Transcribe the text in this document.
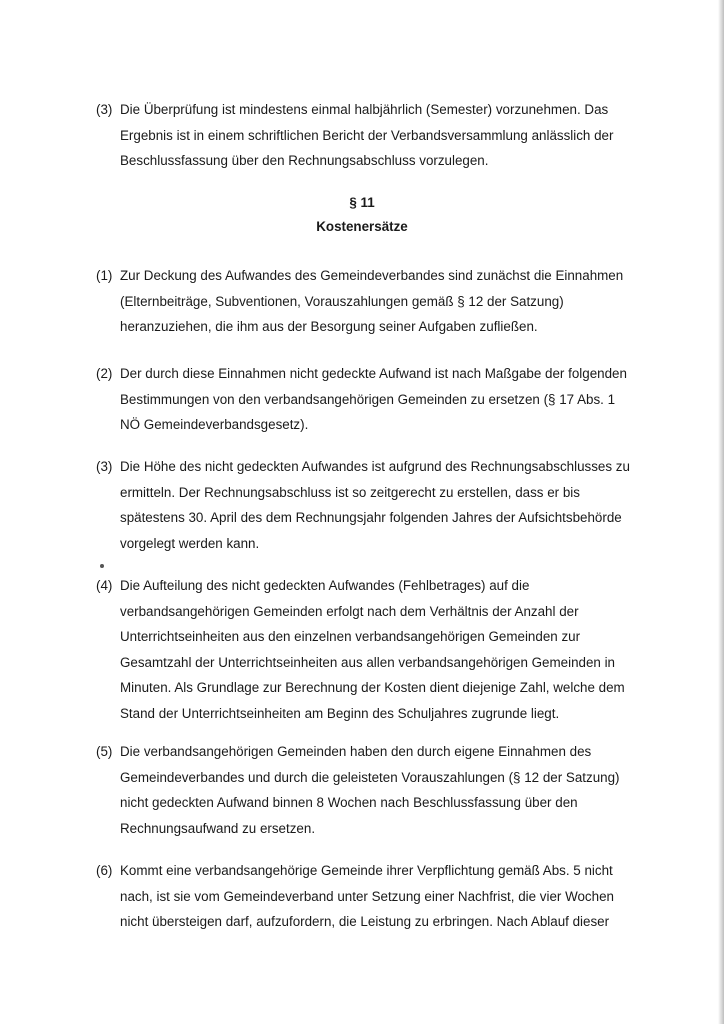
(3) Die Überprüfung ist mindestens einmal halbjährlich (Semester) vorzunehmen. Das
Ergebnis ist in einem schriftlichen Bericht der Verbandsversammlung anlässlich der
Beschlussfassung über den Rechnungsabschluss vorzulegen.
§ 11
Kostenersätze
(1) Zur Deckung des Aufwandes des Gemeindeverbandes sind zunächst die Einnahmen
(Elternbeiträge, Subventionen, Vorauszahlungen gemäß § 12 der Satzung)
heranzuziehen, die ihm aus der Besorgung seiner Aufgaben zufließen.
(2) Der durch diese Einnahmen nicht gedeckte Aufwand ist nach Maßgabe der folgenden
Bestimmungen von den verbandsangehörigen Gemeinden zu ersetzen (§ 17 Abs. 1
NÖ Gemeindeverbandsgesetz).
(3) Die Höhe des nicht gedeckten Aufwandes ist aufgrund des Rechnungsabschlusses zu
ermitteln. Der Rechnungsabschluss ist so zeitgerecht zu erstellen, dass er bis
spätestens 30. April des dem Rechnungsjahr folgenden Jahres der Aufsichtsbehörde
vorgelegt werden kann.
(4) Die Aufteilung des nicht gedeckten Aufwandes (Fehlbetrages) auf die
verbandsangehörigen Gemeinden erfolgt nach dem Verhältnis der Anzahl der
Unterrichtseinheiten aus den einzelnen verbandsangehörigen Gemeinden zur
Gesamtzahl der Unterrichtseinheiten aus allen verbandsangehörigen Gemeinden in
Minuten. Als Grundlage zur Berechnung der Kosten dient diejenige Zahl, welche dem
Stand der Unterrichtseinheiten am Beginn des Schuljahres zugrunde liegt.
(5) Die verbandsangehörigen Gemeinden haben den durch eigene Einnahmen des
Gemeindeverbandes und durch die geleisteten Vorauszahlungen (§ 12 der Satzung)
nicht gedeckten Aufwand binnen 8 Wochen nach Beschlussfassung über den
Rechnungsaufwand zu ersetzen.
(6) Kommt eine verbandsangehörige Gemeinde ihrer Verpflichtung gemäß Abs. 5 nicht
nach, ist sie vom Gemeindeverband unter Setzung einer Nachfrist, die vier Wochen
nicht übersteigen darf, aufzufordern, die Leistung zu erbringen. Nach Ablauf dieser
